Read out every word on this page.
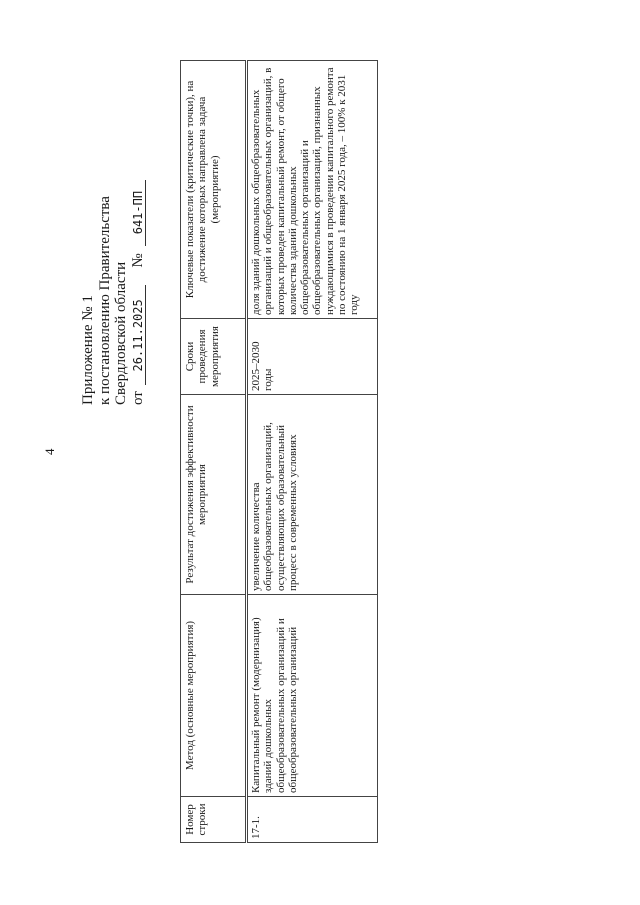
4
Приложение № 1 к постановлению Правительства Свердловской области от 26.11.2025 № 641-ПП
Номер строки	Метод (основные мероприятия)	Результат достижения эффективности мероприятия	Сроки проведения мероприятия	Ключевые показатели (критические точки), на достижение которых направлена задача (мероприятие)
17-1.	Капитальный ремонт (модернизация) зданий дошкольных общеобразовательных организаций и общеобразовательных организаций	увеличение количества общеобразовательных организаций, осуществляющих образовательный процесс в современных условиях	2025–2030 годы	доля зданий дошкольных общеобразовательных организаций и общеобразовательных организаций, в которых проведен капитальный ремонт, от общего количества зданий дошкольных общеобразовательных организаций и общеобразовательных организаций, признанных нуждающимися в проведении капитального ремонта по состоянию на 1 января 2025 года, – 100% к 2031 году
